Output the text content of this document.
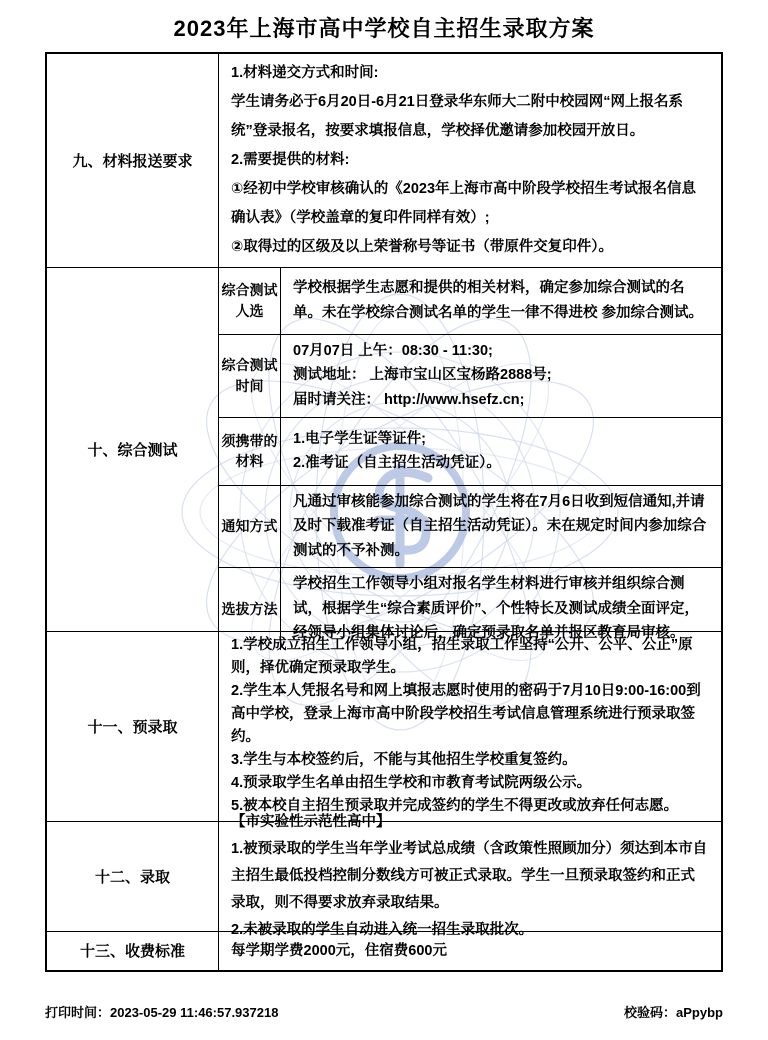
2023年上海市高中学校自主招生录取方案
九、材料报送要求

1.材料递交方式和时间:

学生请务必于6月20日-6月21日登录华东师大二附中校园网“网上报名系统”登录报名，按要求填报信息，学校择优邀请参加校园开放日。

2.需要提供的材料:

①经初中学校审核确认的《2023年上海市高中阶段学校招生考试报名信息确认表》（学校盖章的复印件同样有效）;

②取得过的区级及以上荣誉称号等证书（带原件交复印件）。

十、综合测试
综合测试人选

学校根据学生志愿和提供的相关材料，确定参加综合测试的名单。未在学校综合测试名单的学生一律不得进校 参加综合测试。

综合测试时间

07月07日 上午：08:30 - 11:30;

测试地址： 上海市宝山区宝杨路2888号;

届时请关注： http://www.hsefz.cn;

须携带的材料

1.电子学生证等证件;

2.准考证（自主招生活动凭证）。

通知方式

凡通过审核能参加综合测试的学生将在7月6日收到短信通知,并请及时下载准考证（自主招生活动凭证）。未在规定时间内参加综合测试的不予补测。

选拔方法

学校招生工作领导小组对报名学生材料进行审核并组织综合测试，根据学生“综合素质评价”、个性特长及测试成绩全面评定，经领导小组集体讨论后，确定预录取名单并报区教育局审核。

十一、预录取

1.学校成立招生工作领导小组，招生录取工作坚持“公开、公平、公正”原则，择优确定预录取学生。

2.学生本人凭报名号和网上填报志愿时使用的密码于7月10日9:00-16:00到高中学校，登录上海市高中阶段学校招生考试信息管理系统进行预录取签约。

3.学生与本校签约后，不能与其他招生学校重复签约。

4.预录取学生名单由招生学校和市教育考试院两级公示。

5.被本校自主招生预录取并完成签约的学生不得更改或放弃任何志愿。

十二、录取

【市实验性示范性高中】

1.被预录取的学生当年学业考试总成绩（含政策性照顾加分）须达到本市自主招生最低投档控制分数线方可被正式录取。学生一旦预录取签约和正式录取，则不得要求放弃录取结果。

2.未被录取的学生自动进入统一招生录取批次。

十三、收费标准	每学期学费2000元，住宿费600元

打印时间：2023-05-29 11:46:57.937218	校验码：aPpybp
